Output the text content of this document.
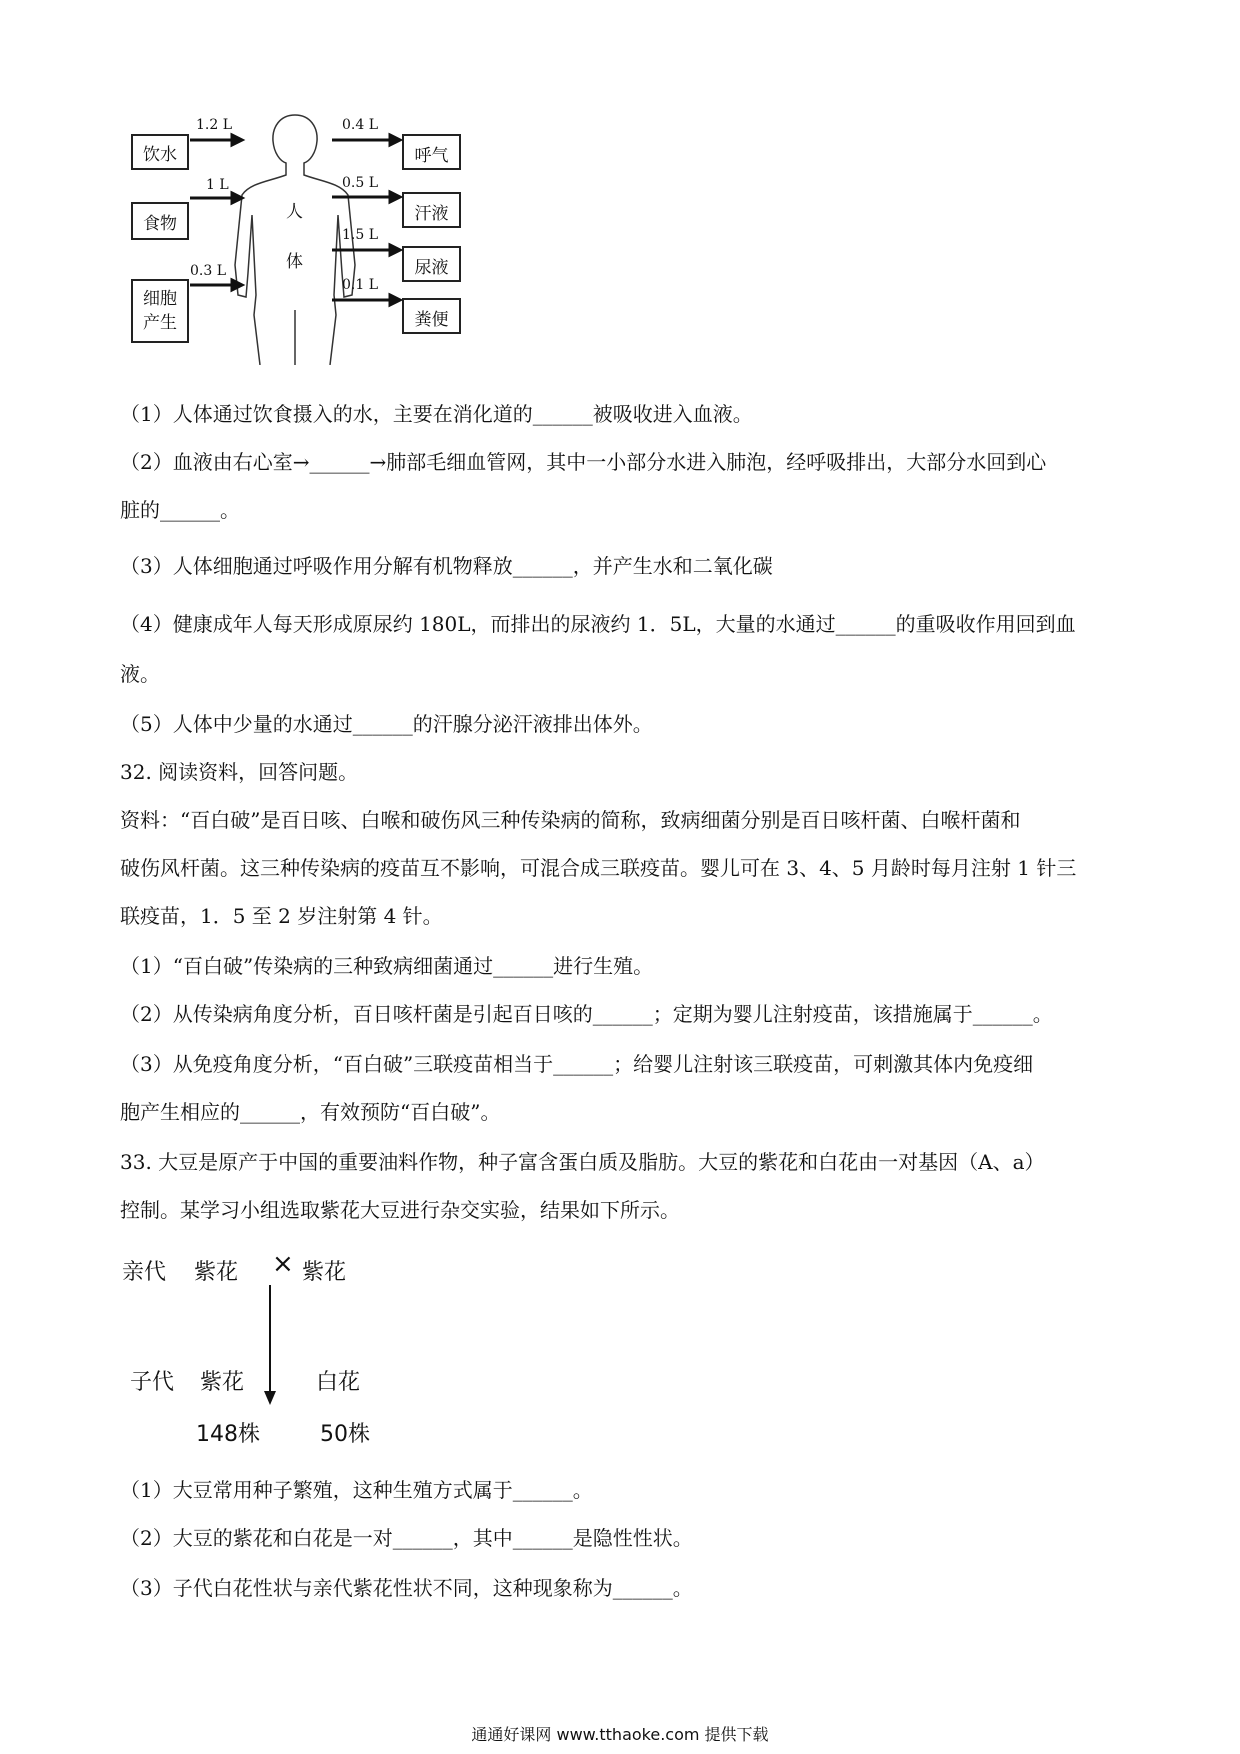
饮水
食物
细胞产生
1.2 L
1 L
0.3 L
人
体
0.4 L
0.5 L
1.5 L
0.1 L
呼气
汗液
尿液
粪便
（1）人体通过饮食摄入的水，主要在消化道的______被吸收进入血液。
（2）血液由右心室→______→肺部毛细血管网，其中一小部分水进入肺泡，经呼吸排出，大部分水回到心
脏的______。
（3）人体细胞通过呼吸作用分解有机物释放______，并产生水和二氧化碳
（4）健康成年人每天形成原尿约 180L，而排出的尿液约 1．5L，大量的水通过______的重吸收作用回到血
液。
（5）人体中少量的水通过______的汗腺分泌汗液排出体外。
32. 阅读资料，回答问题。
资料：“百白破”是百日咳、白喉和破伤风三种传染病的简称，致病细菌分别是百日咳杆菌、白喉杆菌和
破伤风杆菌。这三种传染病的疫苗互不影响，可混合成三联疫苗。婴儿可在 3、4、5 月龄时每月注射 1 针三
联疫苗，1．5 至 2 岁注射第 4 针。
（1）“百白破”传染病的三种致病细菌通过______进行生殖。
（2）从传染病角度分析，百日咳杆菌是引起百日咳的______；定期为婴儿注射疫苗，该措施属于______。
（3）从免疫角度分析，“百白破”三联疫苗相当于______；给婴儿注射该三联疫苗，可刺激其体内免疫细
胞产生相应的______，有效预防“百白破”。
33. 大豆是原产于中国的重要油料作物，种子富含蛋白质及脂肪。大豆的紫花和白花由一对基因（A、a）
控制。某学习小组选取紫花大豆进行杂交实验，结果如下所示。
亲代 紫花 × 紫花
子代 紫花	白花
148株	50株
（1）大豆常用种子繁殖，这种生殖方式属于______。
（2）大豆的紫花和白花是一对______，其中______是隐性性状。
（3）子代白花性状与亲代紫花性状不同，这种现象称为______。
通通好课网 www.tthaoke.com 提供下载
